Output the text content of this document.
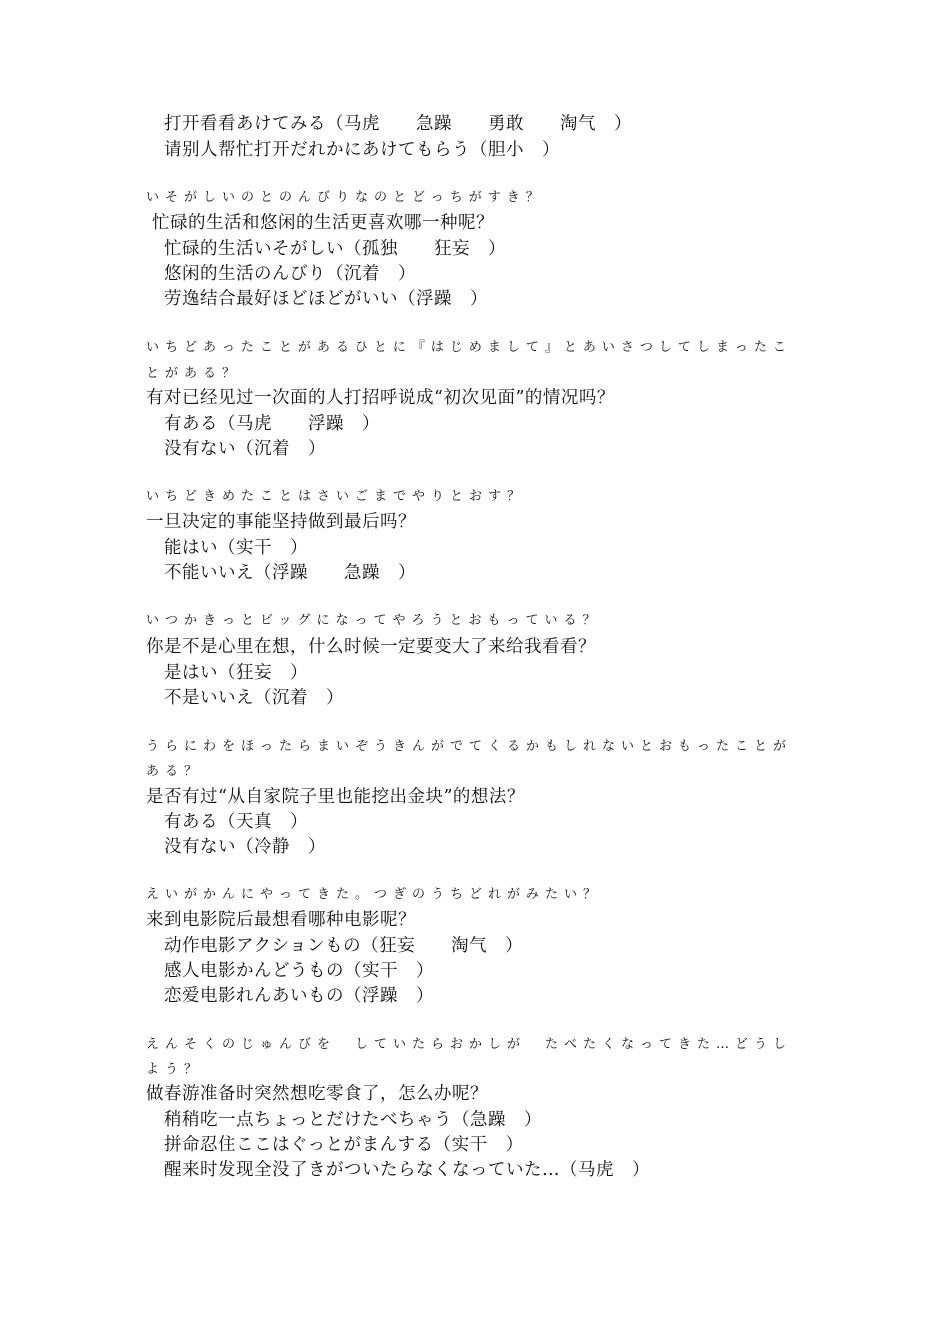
打开看看あけてみる（马虎　　急躁　　勇敢　　淘气　）
请别人帮忙打开だれかにあけてもらう（胆小　）
いそがしいのとのんびりなのとどっちがすき？
忙碌的生活和悠闲的生活更喜欢哪一种呢？
忙碌的生活いそがしい（孤独　　狂妄　）
悠闲的生活のんびり（沉着　）
劳逸结合最好ほどほどがいい（浮躁　）
いちどあったことがあるひとに『はじめまして』とあいさつしてしまったこ
とがある？
有对已经见过一次面的人打招呼说成“初次见面”的情况吗？
有ある（马虎　　浮躁　）
没有ない（沉着　）
いちどきめたことはさいごまでやりとおす？
一旦决定的事能坚持做到最后吗？
能はい（实干　）
不能いいえ（浮躁　　急躁　）
いつかきっとビッグになってやろうとおもっている？
你是不是心里在想，什么时候一定要变大了来给我看看？
是はい（狂妄　）
不是いいえ（沉着　）
うらにわをほったらまいぞうきんがでてくるかもしれないとおもったことが
ある？
是否有过“从自家院子里也能挖出金块”的想法？
有ある（天真　）
没有ない（冷静　）
えいがかんにやってきた。つぎのうちどれがみたい？
来到电影院后最想看哪种电影呢？
动作电影アクションもの（狂妄　　淘气　）
感人电影かんどうもの（实干　）
恋爱电影れんあいもの（浮躁　）
えんそくのじゅんびを　していたらおかしが　たべたくなってきた…どうし
よう？
做春游准备时突然想吃零食了，怎么办呢？
稍稍吃一点ちょっとだけたべちゃう（急躁　）
拼命忍住ここはぐっとがまんする（实干　）
醒来时发现全没了きがついたらなくなっていた…（马虎　）
